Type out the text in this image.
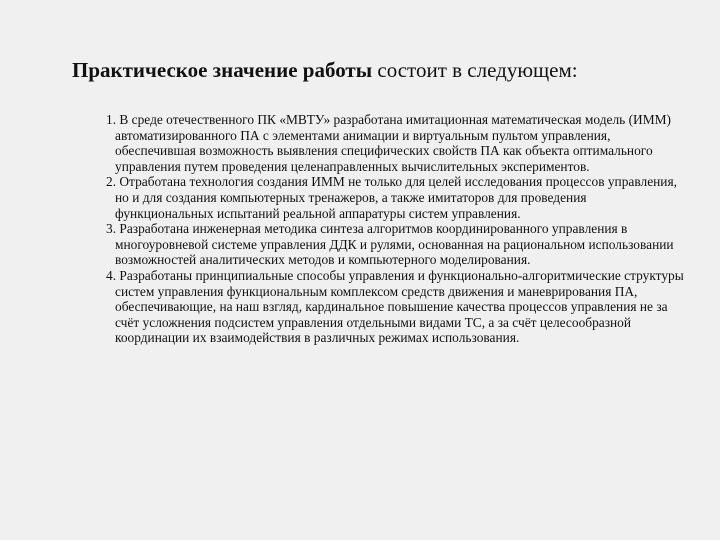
Практическое значение работы состоит в следующем:
1. В среде отечественного ПК «МВТУ» разработана имитационная математическая модель (ИММ) автоматизированного ПА с элементами анимации и виртуальным пультом управления, обеспечившая возможность выявления специфических свойств ПА как объекта оптимального управления путем проведения целенаправленных вычислительных экспериментов.
2. Отработана технология создания ИММ не только для целей исследования процессов управления, но и для создания компьютерных тренажеров, а также имитаторов для проведения функциональных испытаний реальной аппаратуры систем управления.
3. Разработана инженерная методика синтеза алгоритмов координированного управления в многоуровневой системе управления ДДК и рулями, основанная на рациональном использовании возможностей аналитических методов и компьютерного моделирования.
4. Разработаны принципиальные способы управления и функционально-алгоритмические структуры систем управления функциональным комплексом средств движения и маневрирования ПА, обеспечивающие, на наш взгляд, кардинальное повышение качества процессов управления не за счёт усложнения подсистем управления отдельными видами ТС, а за счёт целесообразной координации их взаимодействия в различных режимах использования.
